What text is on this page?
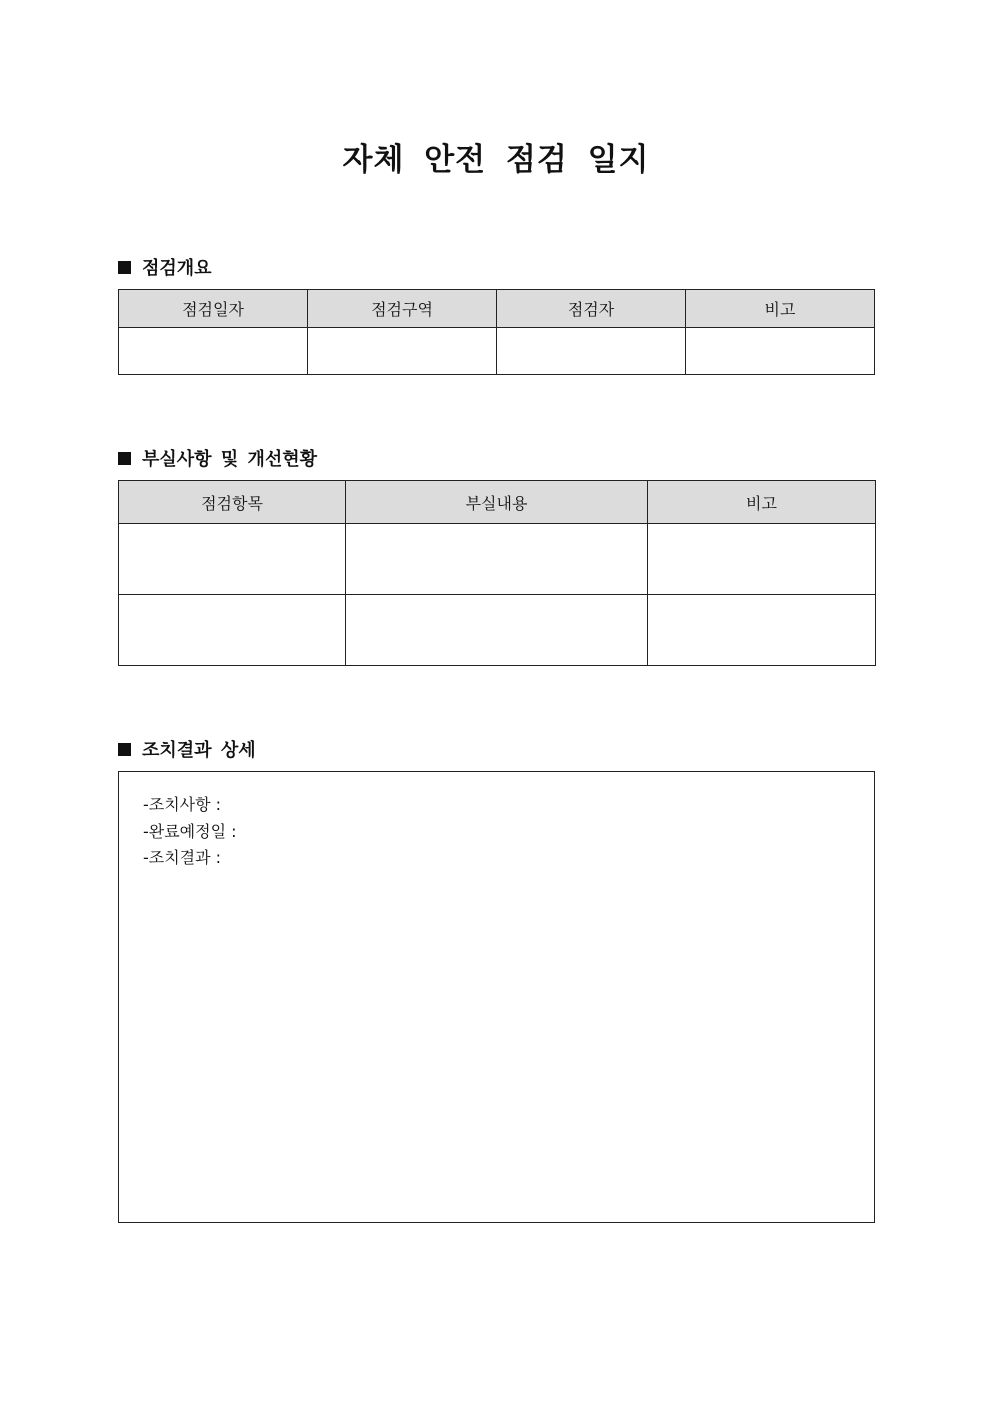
자체 안전 점검 일지
점검개요
점검일자	점검구역	점검자	비고

부실사항 및 개선현황
점검항목	부실내용	비고

조치결과 상세
-조치사항 :
-완료예정일 :
-조치결과 :
